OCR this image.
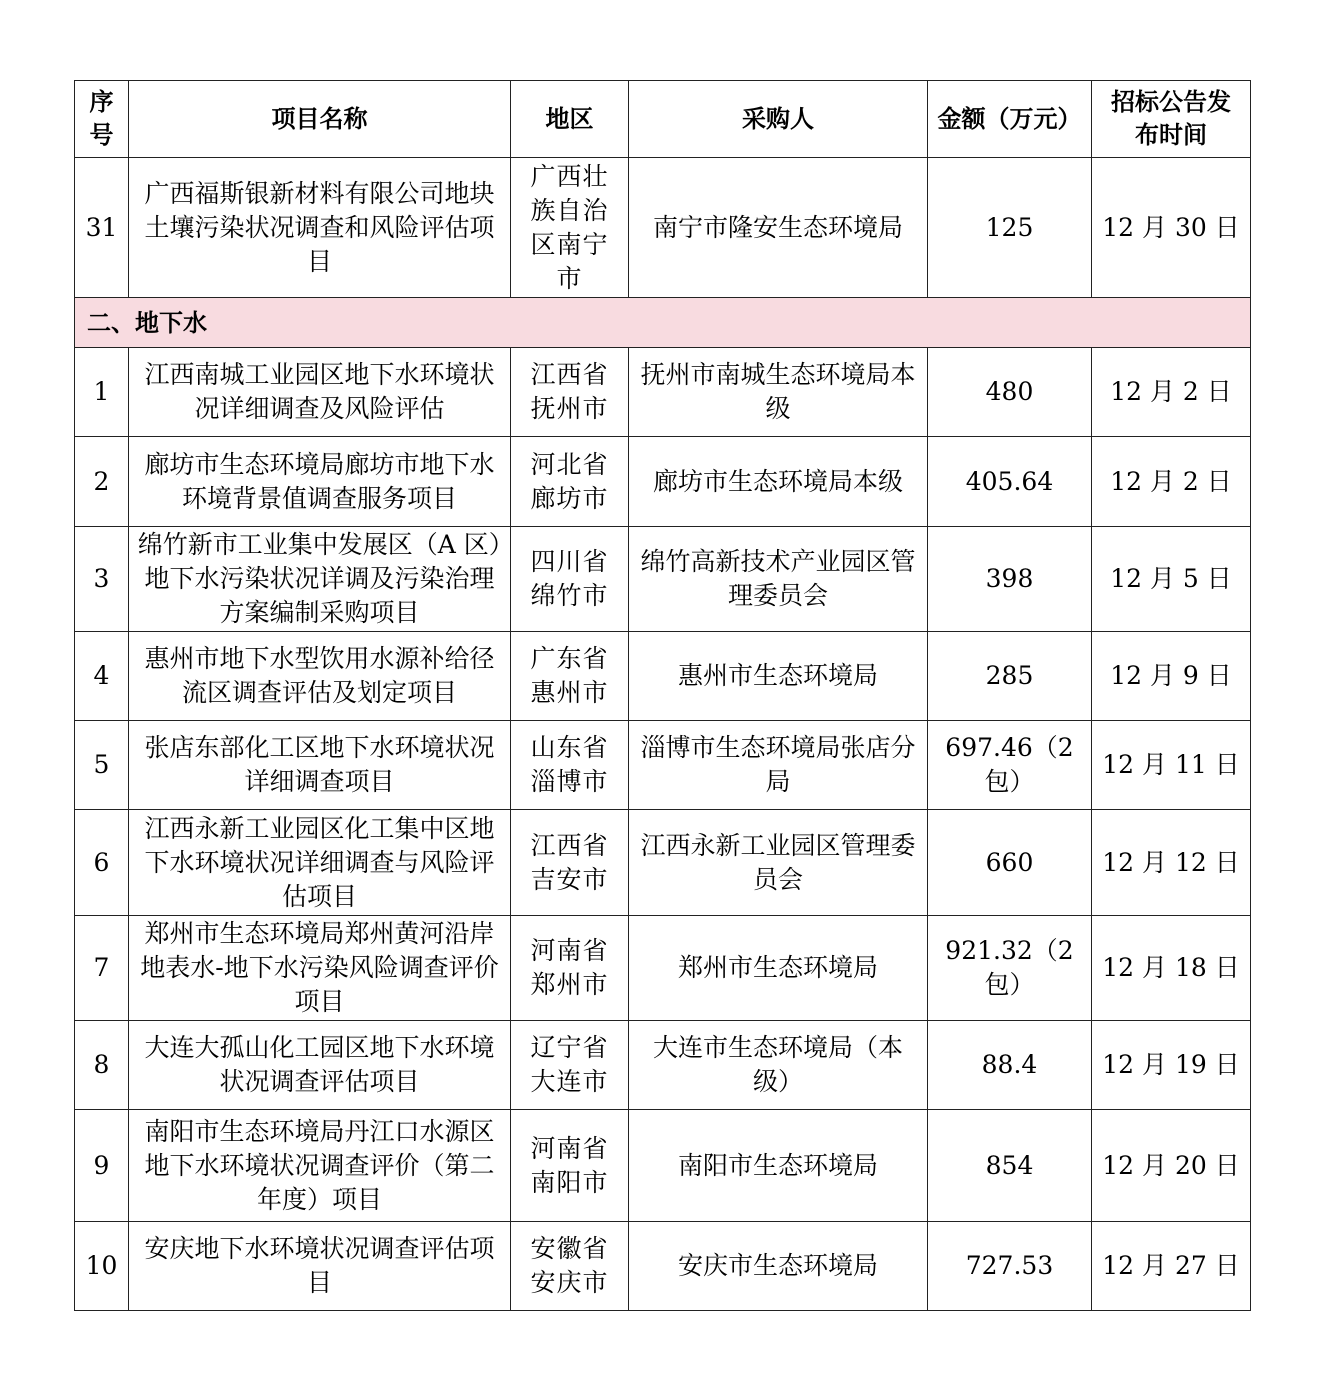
序号	项目名称	地区	采购人	金额（万元）	招标公告发布时间
31	广西福斯银新材料有限公司地块土壤污染状况调查和风险评估项目	广西壮族自治区南宁市	南宁市隆安生态环境局	125	12 月 30 日
二、地下水					
1	江西南城工业园区地下水环境状况详细调查及风险评估	江西省抚州市	抚州市南城生态环境局本级	480	12 月 2 日
2	廊坊市生态环境局廊坊市地下水环境背景值调查服务项目	河北省廊坊市	廊坊市生态环境局本级	405.64	12 月 2 日
3	绵竹新市工业集中发展区（A 区）地下水污染状况详调及污染治理方案编制采购项目	四川省绵竹市	绵竹高新技术产业园区管理委员会	398	12 月 5 日
4	惠州市地下水型饮用水源补给径流区调查评估及划定项目	广东省惠州市	惠州市生态环境局	285	12 月 9 日
5	张店东部化工区地下水环境状况详细调查项目	山东省淄博市	淄博市生态环境局张店分局	697.46（2 包）	12 月 11 日
6	江西永新工业园区化工集中区地下水环境状况详细调查与风险评估项目	江西省吉安市	江西永新工业园区管理委员会	660	12 月 12 日
7	郑州市生态环境局郑州黄河沿岸地表水-地下水污染风险调查评价项目	河南省郑州市	郑州市生态环境局	921.32（2 包）	12 月 18 日
8	大连大孤山化工园区地下水环境状况调查评估项目	辽宁省大连市	大连市生态环境局（本级）	88.4	12 月 19 日
9	南阳市生态环境局丹江口水源区地下水环境状况调查评价（第二年度）项目	河南省南阳市	南阳市生态环境局	854	12 月 20 日
10	安庆地下水环境状况调查评估项目	安徽省安庆市	安庆市生态环境局	727.53	12 月 27 日
